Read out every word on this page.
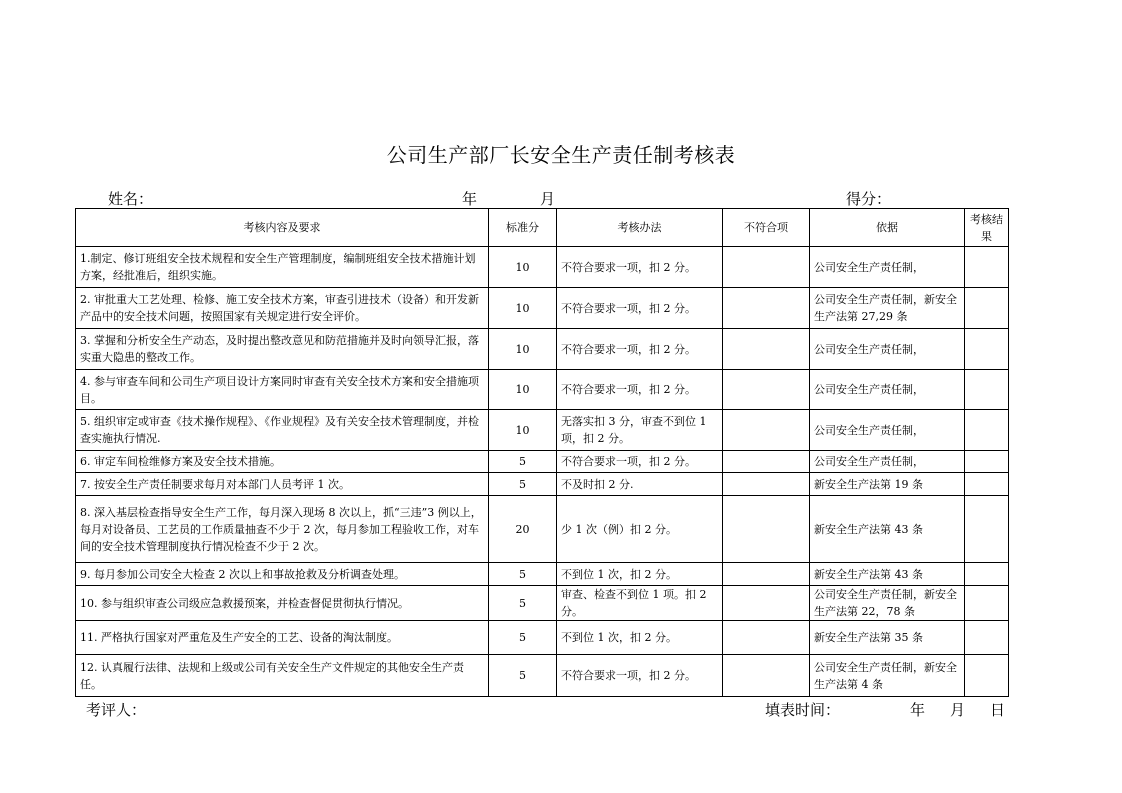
公司生产部厂长安全生产责任制考核表
姓名：	年	月	得分：
考核内容及要求	标准分	考核办法	不符合项	依据	考核结果
1.制定、修订班组安全技术规程和安全生产管理制度，编制班组安全技术措施计划方案，经批准后，组织实施。	10	不符合要求一项，扣 2 分。		公司安全生产责任制，	
2. 审批重大工艺处理、检修、施工安全技术方案，审查引进技术（设备）和开发新产品中的安全技术问题，按照国家有关规定进行安全评价。	10	不符合要求一项，扣 2 分。		公司安全生产责任制，新安全生产法第 27,29 条	
3. 掌握和分析安全生产动态，及时提出整改意见和防范措施并及时向领导汇报，落实重大隐患的整改工作。	10	不符合要求一项，扣 2 分。		公司安全生产责任制，	
4. 参与审查车间和公司生产项目设计方案同时审查有关安全技术方案和安全措施项目。	10	不符合要求一项，扣 2 分。		公司安全生产责任制，	
5. 组织审定或审查《技术操作规程》、《作业规程》及有关安全技术管理制度，并检查实施执行情况.	10	无落实扣 3 分，审查不到位 1 项，扣 2 分。		公司安全生产责任制，	
6. 审定车间检维修方案及安全技术措施。	5	不符合要求一项，扣 2 分。		公司安全生产责任制，	
7. 按安全生产责任制要求每月对本部门人员考评 1 次。	5	不及时扣 2 分.		新安全生产法第 19 条	
8. 深入基层检查指导安全生产工作，每月深入现场 8 次以上，抓“三违”3 例以上，每月对设备员、工艺员的工作质量抽查不少于 2 次，每月参加工程验收工作，对车间的安全技术管理制度执行情况检查不少于 2 次。	20	少 1 次（例）扣 2 分。		新安全生产法第 43 条	
9. 每月参加公司安全大检查 2 次以上和事故抢救及分析调查处理。	5	不到位 1 次，扣 2 分。		新安全生产法第 43 条	
10. 参与组织审查公司级应急救援预案，并检查督促贯彻执行情况。	5	审查、检查不到位 1 项。扣 2 分。		公司安全生产责任制，新安全生产法第 22，78 条	
11. 严格执行国家对严重危及生产安全的工艺、设备的淘汰制度。	5	不到位 1 次，扣 2 分。		新安全生产法第 35 条	
12. 认真履行法律、法规和上级或公司有关安全生产文件规定的其他安全生产责任。	5	不符合要求一项，扣 2 分。		公司安全生产责任制，新安全生产法第 4 条	
考评人：	填表时间：	年 月 日
